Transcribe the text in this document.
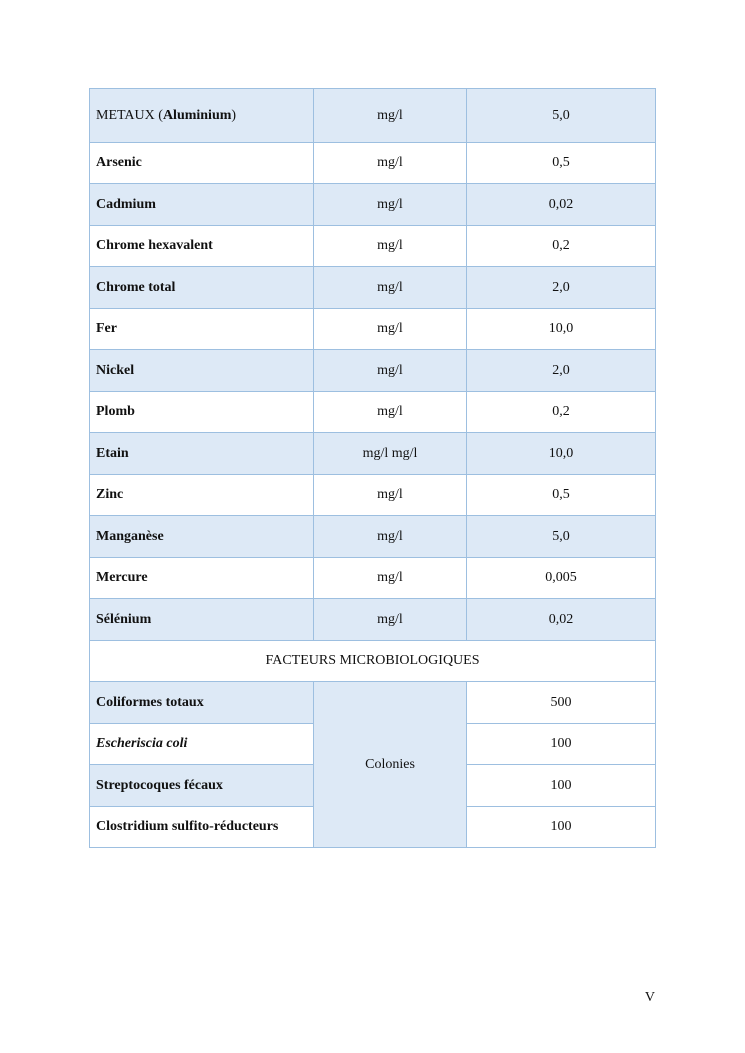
METAUX (Aluminium)	mg/l	5,0
Arsenic	mg/l	0,5
Cadmium	mg/l	0,02
Chrome hexavalent	mg/l	0,2
Chrome total	mg/l	2,0
Fer	mg/l	10,0
Nickel	mg/l	2,0
Plomb	mg/l	0,2
Etain	mg/l mg/l	10,0
Zinc	mg/l	0,5
Manganèse	mg/l	5,0
Mercure	mg/l	0,005
Sélénium	mg/l	0,02
FACTEURS MICROBIOLOGIQUES		
Coliformes totaux	Colonies	500
Escheriscia coli		100
Streptocoques fécaux		100
Clostridium sulfito-réducteurs		100
V
